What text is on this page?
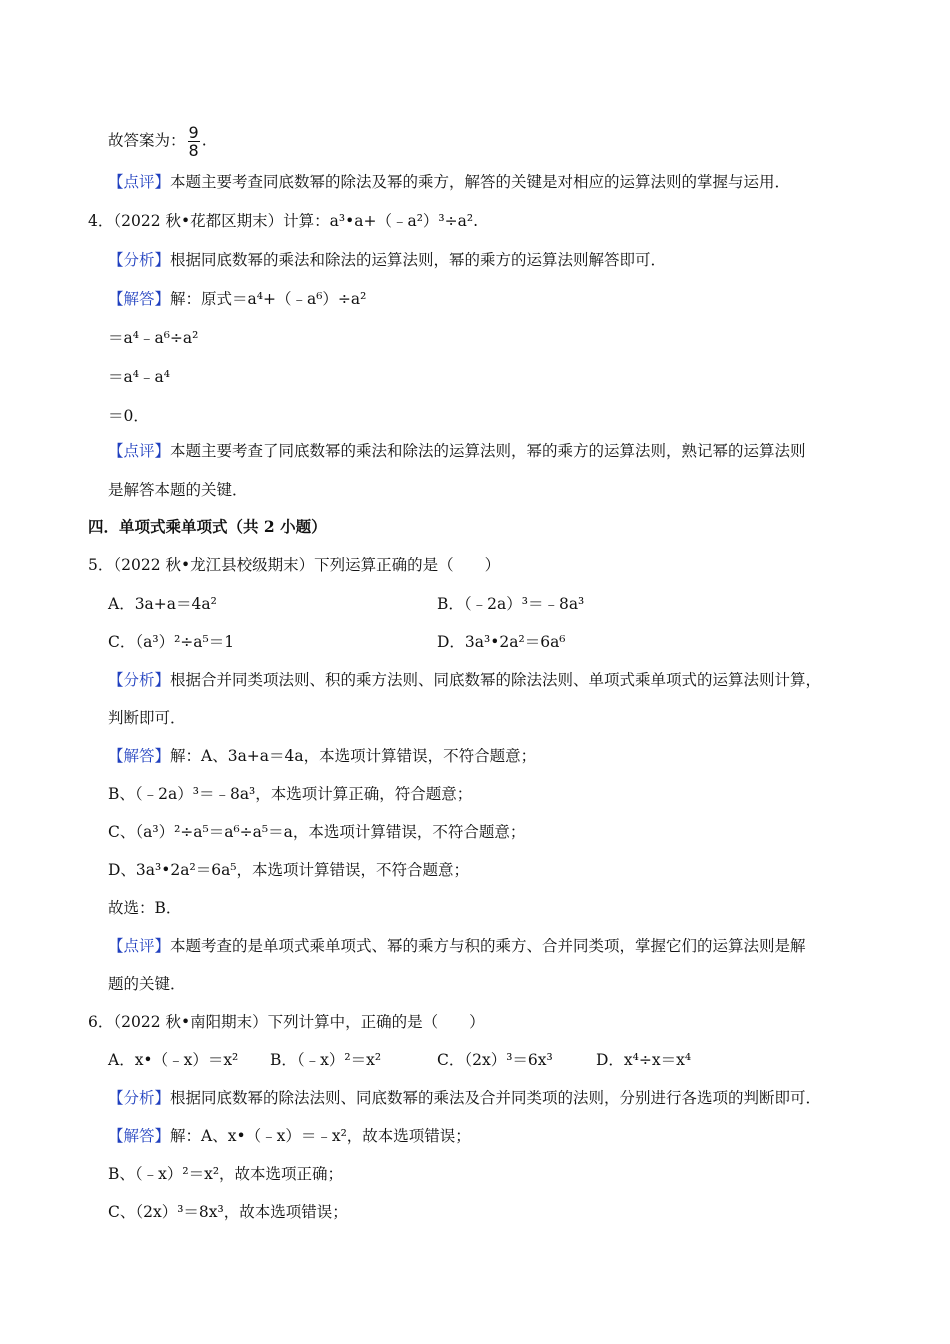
故答案为： $\frac{9}{8}$ .
【点评】本题主要考查同底数幂的除法及幂的乘方，解答的关键是对相应的运算法则的掌握与运用．
4．（2022 秋•花都区期末）计算：a³•a+（﹣a²）³÷a².
【分析】根据同底数幂的乘法和除法的运算法则，幂的乘方的运算法则解答即可．
【解答】解：原式＝a⁴+（﹣a⁶）÷a²
＝a⁴﹣a⁶÷a²
＝a⁴﹣a⁴
＝0．
【点评】本题主要考查了同底数幂的乘法和除法的运算法则，幂的乘方的运算法则，熟记幂的运算法则
是解答本题的关键．
四．单项式乘单项式（共 2 小题）
5．（2022 秋•龙江县校级期末）下列运算正确的是（　　）
A．3a+a＝4a²	B．（﹣2a）³＝﹣8a³
C．（a³）²÷a⁵＝1	D．3a³•2a²＝6a⁶
【分析】根据合并同类项法则、积的乘方法则、同底数幂的除法法则、单项式乘单项式的运算法则计算，
判断即可．
【解答】解：A、3a+a＝4a，本选项计算错误，不符合题意；
B、（﹣2a）³＝﹣8a³，本选项计算正确，符合题意；
C、（a³）²÷a⁵＝a⁶÷a⁵＝a，本选项计算错误，不符合题意；
D、3a³•2a²＝6a⁵，本选项计算错误，不符合题意；
故选：B．
【点评】本题考查的是单项式乘单项式、幂的乘方与积的乘方、合并同类项，掌握它们的运算法则是解
题的关键．
6．（2022 秋•南阳期末）下列计算中，正确的是（　　）
A．x•（﹣x）＝x² B．（﹣x）²＝x²	C．（2x）³＝6x³	D．x⁴÷x＝x⁴
【分析】根据同底数幂的除法法则、同底数幂的乘法及合并同类项的法则，分别进行各选项的判断即可．
【解答】解：A、x•（﹣x）＝﹣x²，故本选项错误；
B、（﹣x）²＝x²，故本选项正确；
C、（2x）³＝8x³，故本选项错误；
